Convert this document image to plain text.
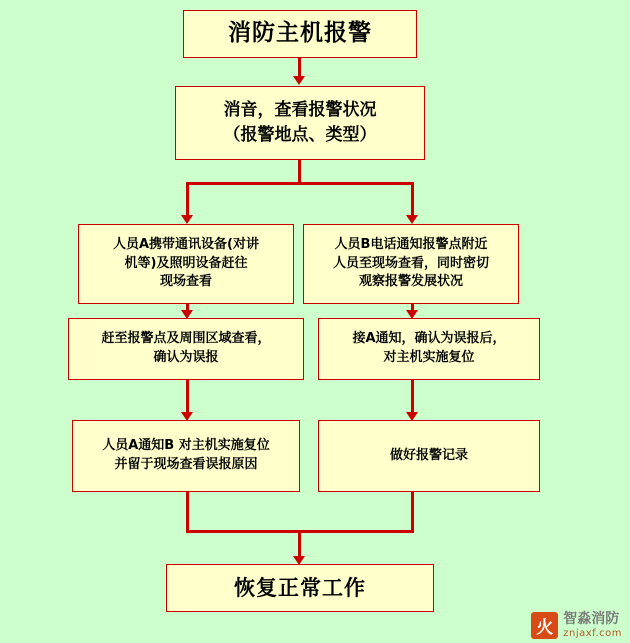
消防主机报警
消音，查看报警状况
（报警地点、类型）
人员A携带通讯设备(对讲
机等)及照明设备赶往
现场查看
人员B电话通知报警点附近
人员至现场查看，同时密切
观察报警发展状况
赶至报警点及周围区域查看，
确认为误报
接A通知，确认为误报后，
对主机实施复位
人员A通知B 对主机实施复位
并留于现场查看误报原因
做好报警记录
恢复正常工作
火 智淼消防
znjaxf.com
